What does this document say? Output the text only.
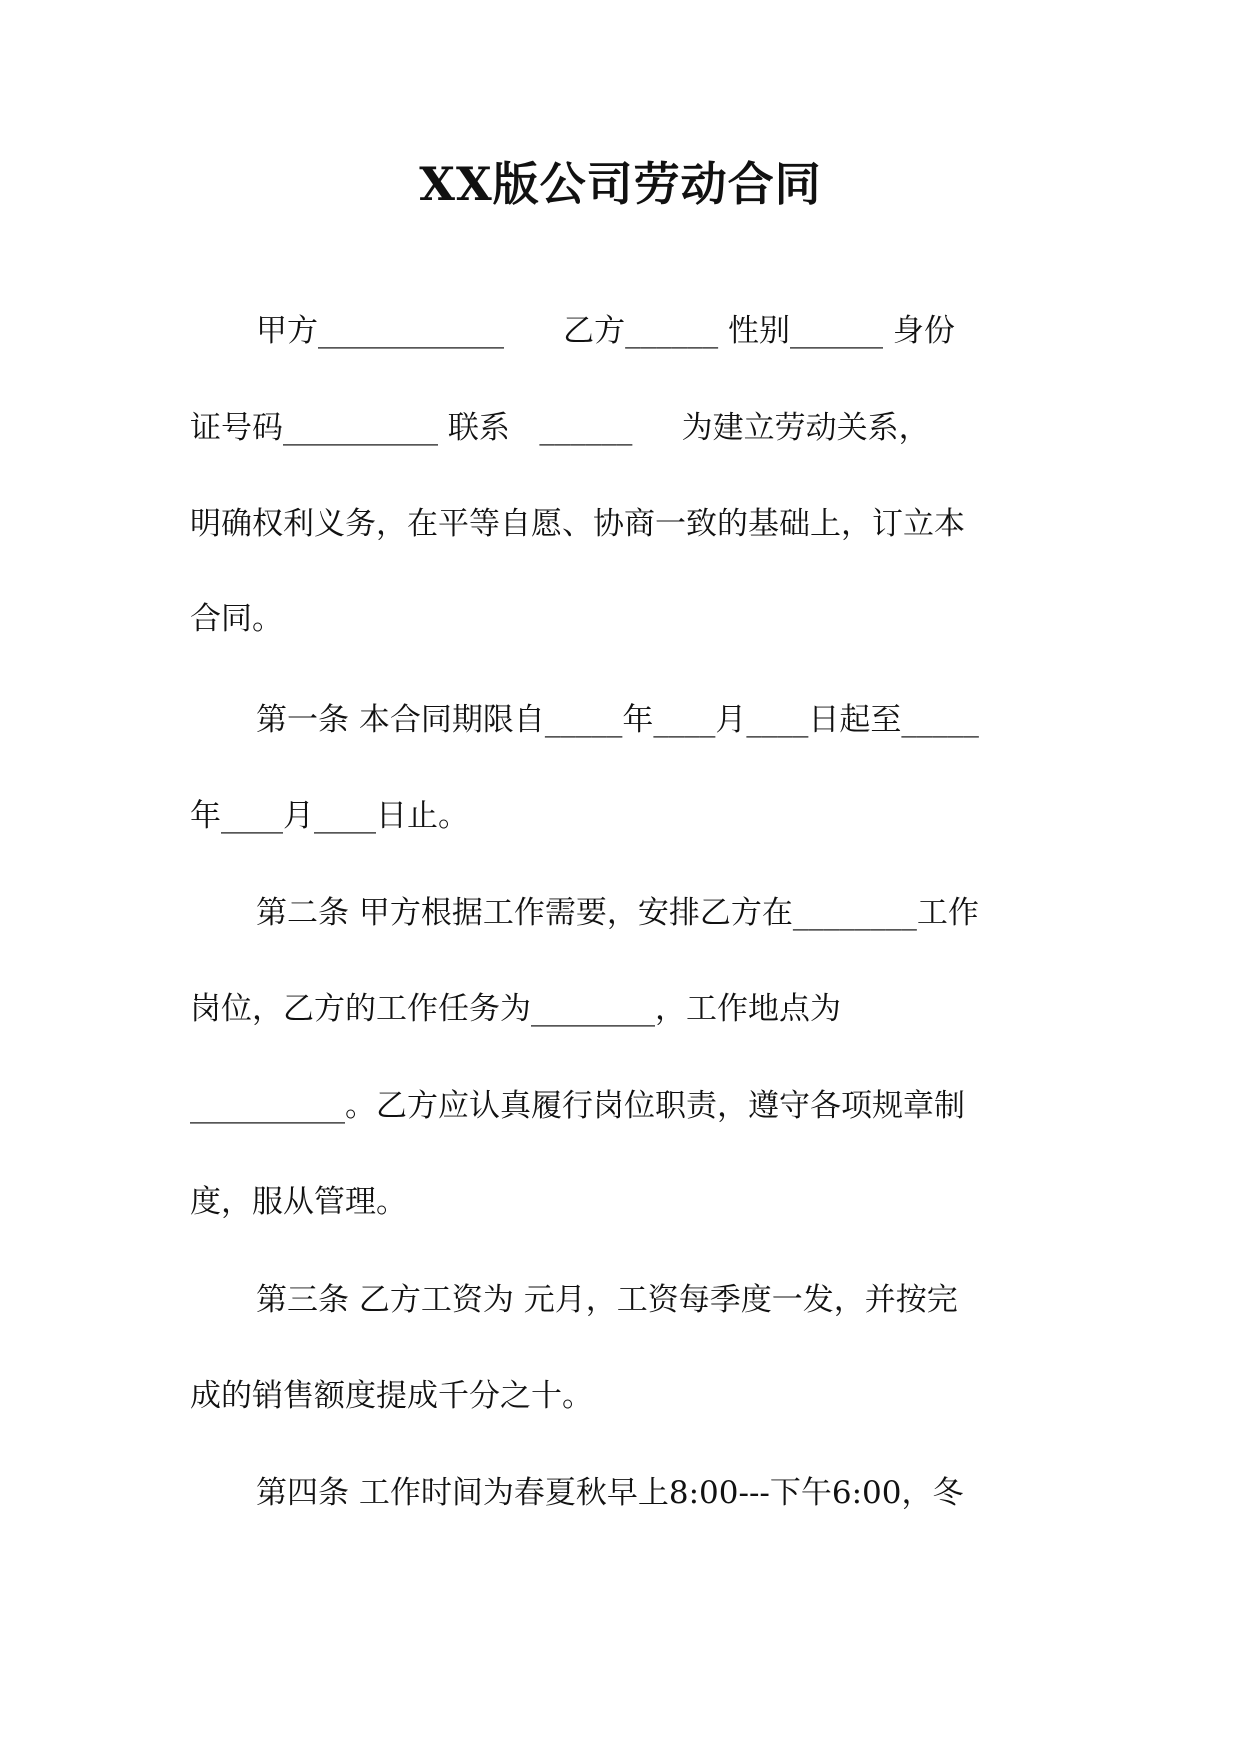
XX版公司劳动合同

甲方____________      乙方______ 性别______ 身份

证号码__________ 联系   ______     为建立劳动关系，

明确权利义务，在平等自愿、协商一致的基础上，订立本

合同。

第一条 本合同期限自_____年____月____日起至_____

年____月____日止。

第二条 甲方根据工作需要，安排乙方在________工作

岗位，乙方的工作任务为________，工作地点为

__________。乙方应认真履行岗位职责，遵守各项规章制

度，服从管理。

第三条 乙方工资为 元月，工资每季度一发，并按完

成的销售额度提成千分之十。

第四条 工作时间为春夏秋早上8:00---下午6:00，冬
